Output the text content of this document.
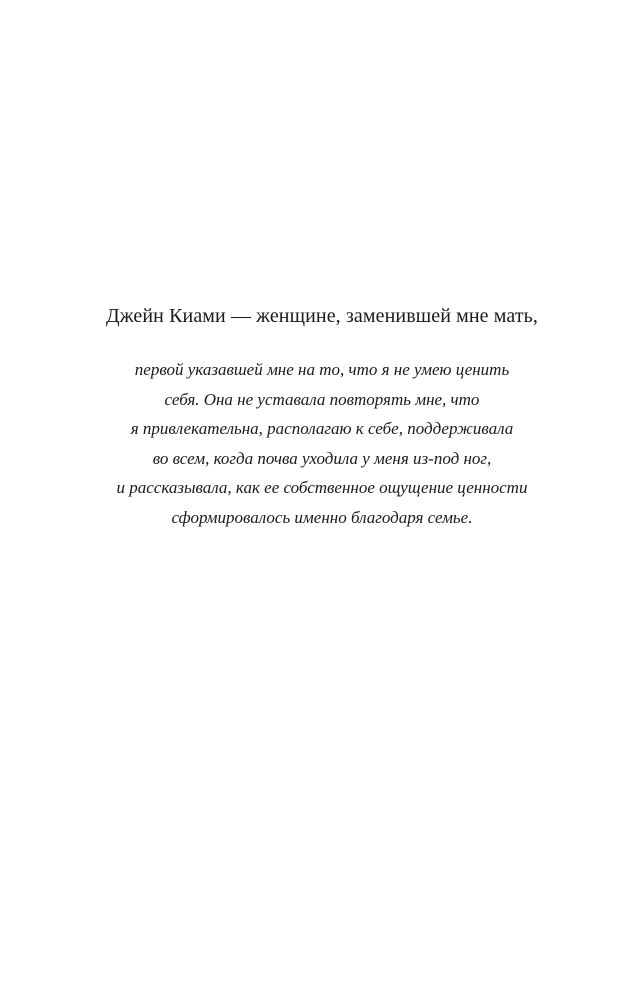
Джейн Киами — женщине, заменившей мне мать,

первой указавшей мне на то, что я не умею ценить
себя. Она не уставала повторять мне, что
я привлекательна, располагаю к себе, поддерживала
во всем, когда почва уходила у меня из-под ног,
и рассказывала, как ее собственное ощущение ценности
сформировалось именно благодаря семье.
